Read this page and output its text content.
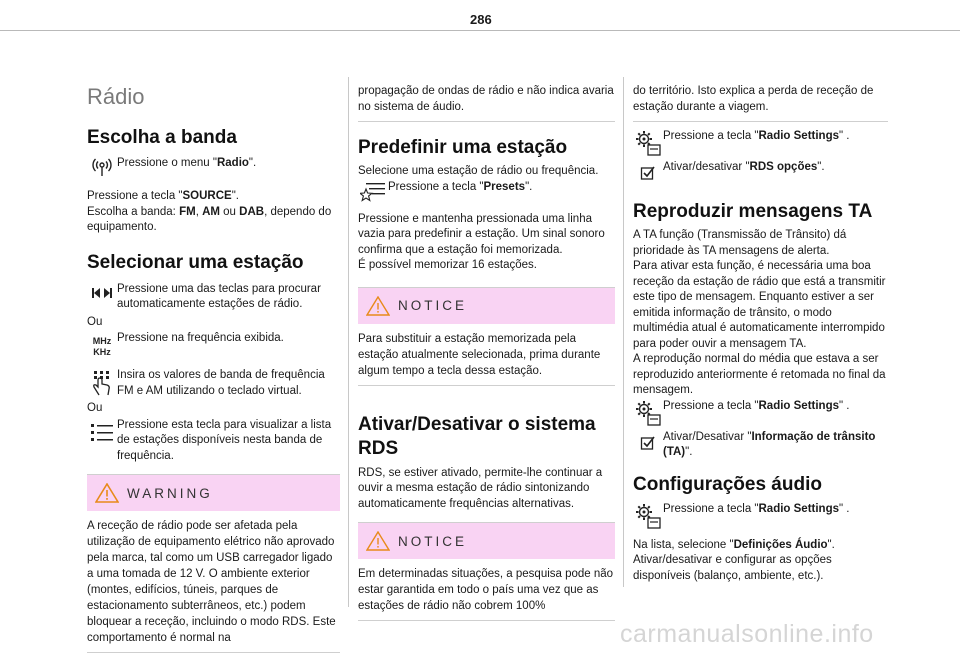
286
Rádio
Escolha a banda
Pressione o menu "Radio".
Pressione a tecla "SOURCE".
Escolha a banda: FM, AM ou DAB, dependo do equipamento.
Selecionar uma estação
Pressione uma das teclas para procurar automaticamente estações de rádio.
Ou
MHz
KHz
Pressione na frequência exibida.
Insira os valores de banda de frequência FM e AM utilizando o teclado virtual.
Ou
Pressione esta tecla para visualizar a lista de estações disponíveis nesta banda de frequência.
WARNING

A receção de rádio pode ser afetada pela utilização de equipamento elétrico não aprovado pela marca, tal como um USB carregador ligado a uma tomada de 12 V. O ambiente exterior (montes, edifícios, túneis, parques de estacionamento subterrâneos, etc.) podem bloquear a receção, incluindo o modo RDS. Este comportamento é normal na

propagação de ondas de rádio e não indica avaria no sistema de áudio.

Predefinir uma estação

Selecione uma estação de rádio ou frequência.

Pressione a tecla "Presets".

Pressione e mantenha pressionada uma linha vazia para predefinir a estação. Um sinal sonoro confirma que a estação foi memorizada.

É possível memorizar 16 estações.

NOTICE

Para substituir a estação memorizada pela estação atualmente selecionada, prima durante algum tempo a tecla dessa estação.

Ativar/Desativar o sistema
RDS

RDS, se estiver ativado, permite-lhe continuar a ouvir a mesma estação de rádio sintonizando automaticamente frequências alternativas.

NOTICE

Em determinadas situações, a pesquisa pode não estar garantida em todo o país uma vez que as estações de rádio não cobrem 100%

do território. Isto explica a perda de receção de estação durante a viagem.

Pressione a tecla "Radio Settings" .
Ativar/desativar "RDS opções".
Reproduzir mensagens TA

A TA função (Transmissão de Trânsito) dá prioridade às TA mensagens de alerta.

Para ativar esta função, é necessária uma boa receção da estação de rádio que está a transmitir este tipo de mensagem. Enquanto estiver a ser emitida informação de trânsito, o modo multimédia atual é automaticamente interrompido para poder ouvir a mensagem TA.

A reprodução normal do média que estava a ser reproduzido anteriormente é retomada no final da mensagem.

Pressione a tecla "Radio Settings" .
Ativar/Desativar "Informação de trânsito (TA)".
Configurações áudio
Pressione a tecla "Radio Settings" .
Na lista, selecione "Definições Áudio".
Ativar/desativar e configurar as opções disponíveis (balanço, ambiente, etc.).
carmanualsonline.info
